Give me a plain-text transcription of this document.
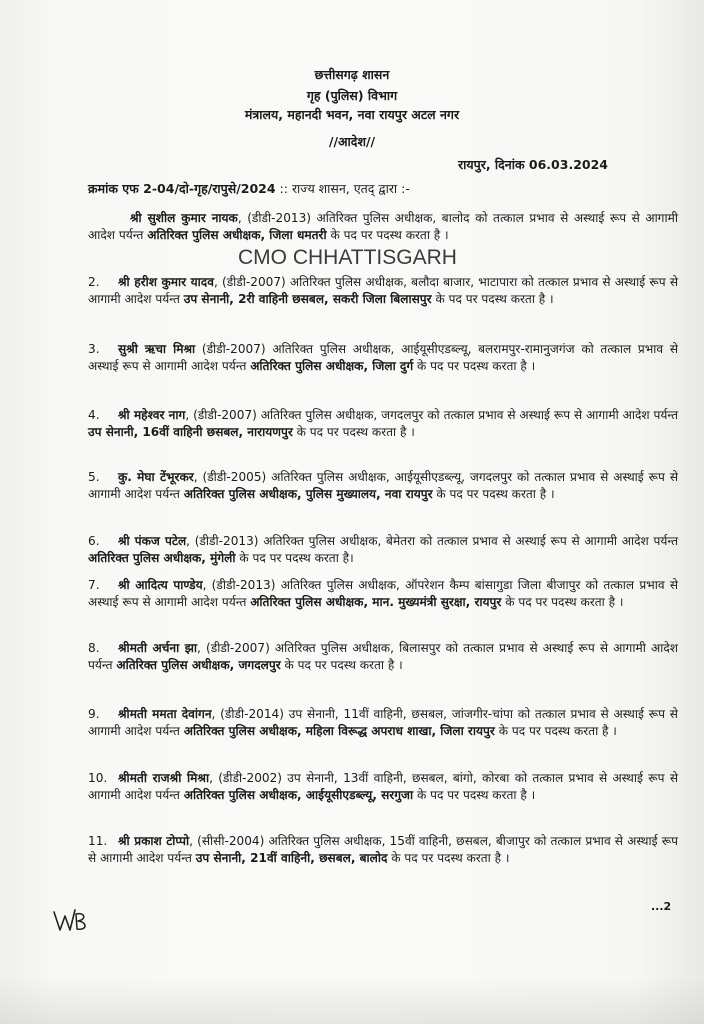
छत्तीसगढ़ शासन
गृह (पुलिस) विभाग
मंत्रालय, महानदी भवन, नवा रायपुर अटल नगर
//आदेश//
रायपुर, दिनांक 06.03.2024
क्रमांक एफ 2-04/दो-गृह/रापुसे/2024 :: राज्य शासन, एतद् द्वारा :-
CMO CHHATTISGARH
श्री सुशील कुमार नायक, (डीडी-2013) अतिरिक्त पुलिस अधीक्षक, बालोद को तत्काल प्रभाव से अस्थाई रूप से आगामी आदेश पर्यन्त अतिरिक्त पुलिस अधीक्षक, जिला धमतरी के पद पर पदस्थ करता है ।
2. श्री हरीश कुमार यादव, (डीडी-2007) अतिरिक्त पुलिस अधीक्षक, बलौदा बाजार, भाटापारा को तत्काल प्रभाव से अस्थाई रूप से आगामी आदेश पर्यन्त उप सेनानी, 2री वाहिनी छसबल, सकरी जिला बिलासपुर के पद पर पदस्थ करता है ।
3. सुश्री ऋचा मिश्रा (डीडी-2007) अतिरिक्त पुलिस अधीक्षक, आईयूसीएडब्ल्यू, बलरामपुर-रामानुजगंज को तत्काल प्रभाव से अस्थाई रूप से आगामी आदेश पर्यन्त अतिरिक्त पुलिस अधीक्षक, जिला दुर्ग के पद पर पदस्थ करता है ।
4. श्री महेश्वर नाग, (डीडी-2007) अतिरिक्त पुलिस अधीक्षक, जगदलपुर को तत्काल प्रभाव से अस्थाई रूप से आगामी आदेश पर्यन्त उप सेनानी, 16वीं वाहिनी छसबल, नारायणपुर के पद पर पदस्थ करता है ।
5. कु. मेघा टेंभूरकर, (डीडी-2005) अतिरिक्त पुलिस अधीक्षक, आईयूसीएडब्ल्यू, जगदलपुर को तत्काल प्रभाव से अस्थाई रूप से आगामी आदेश पर्यन्त अतिरिक्त पुलिस अधीक्षक, पुलिस मुख्यालय, नवा रायपुर के पद पर पदस्थ करता है ।
6. श्री पंकज पटेल, (डीडी-2013) अतिरिक्त पुलिस अधीक्षक, बेमेतरा को तत्काल प्रभाव से अस्थाई रूप से आगामी आदेश पर्यन्त अतिरिक्त पुलिस अधीक्षक, मुंगेली के पद पर पदस्थ करता है।
7. श्री आदित्य पाण्डेय, (डीडी-2013) अतिरिक्त पुलिस अधीक्षक, ऑपरेशन कैम्प बांसागुडा जिला बीजापुर को तत्काल प्रभाव से अस्थाई रूप से आगामी आदेश पर्यन्त अतिरिक्त पुलिस अधीक्षक, मान. मुख्यमंत्री सुरक्षा, रायपुर के पद पर पदस्थ करता है ।
8. श्रीमती अर्चना झा, (डीडी-2007) अतिरिक्त पुलिस अधीक्षक, बिलासपुर को तत्काल प्रभाव से अस्थाई रूप से आगामी आदेश पर्यन्त अतिरिक्त पुलिस अधीक्षक, जगदलपुर के पद पर पदस्थ करता है ।
9. श्रीमती ममता देवांगन, (डीडी-2014) उप सेनानी, 11वीं वाहिनी, छसबल, जांजगीर-चांपा को तत्काल प्रभाव से अस्थाई रूप से आगामी आदेश पर्यन्त अतिरिक्त पुलिस अधीक्षक, महिला विरूद्ध अपराध शाखा, जिला रायपुर के पद पर पदस्थ करता है ।
10. श्रीमती राजश्री मिश्रा, (डीडी-2002) उप सेनानी, 13वीं वाहिनी, छसबल, बांगो, कोरबा को तत्काल प्रभाव से अस्थाई रूप से आगामी आदेश पर्यन्त अतिरिक्त पुलिस अधीक्षक, आईयूसीएडब्ल्यू, सरगुजा के पद पर पदस्थ करता है ।
11. श्री प्रकाश टोप्पो, (सीसी-2004) अतिरिक्त पुलिस अधीक्षक, 15वीं वाहिनी, छसबल, बीजापुर को तत्काल प्रभाव से अस्थाई रूप से आगामी आदेश पर्यन्त उप सेनानी, 21वीं वाहिनी, छसबल, बालोद के पद पर पदस्थ करता है ।
...2
